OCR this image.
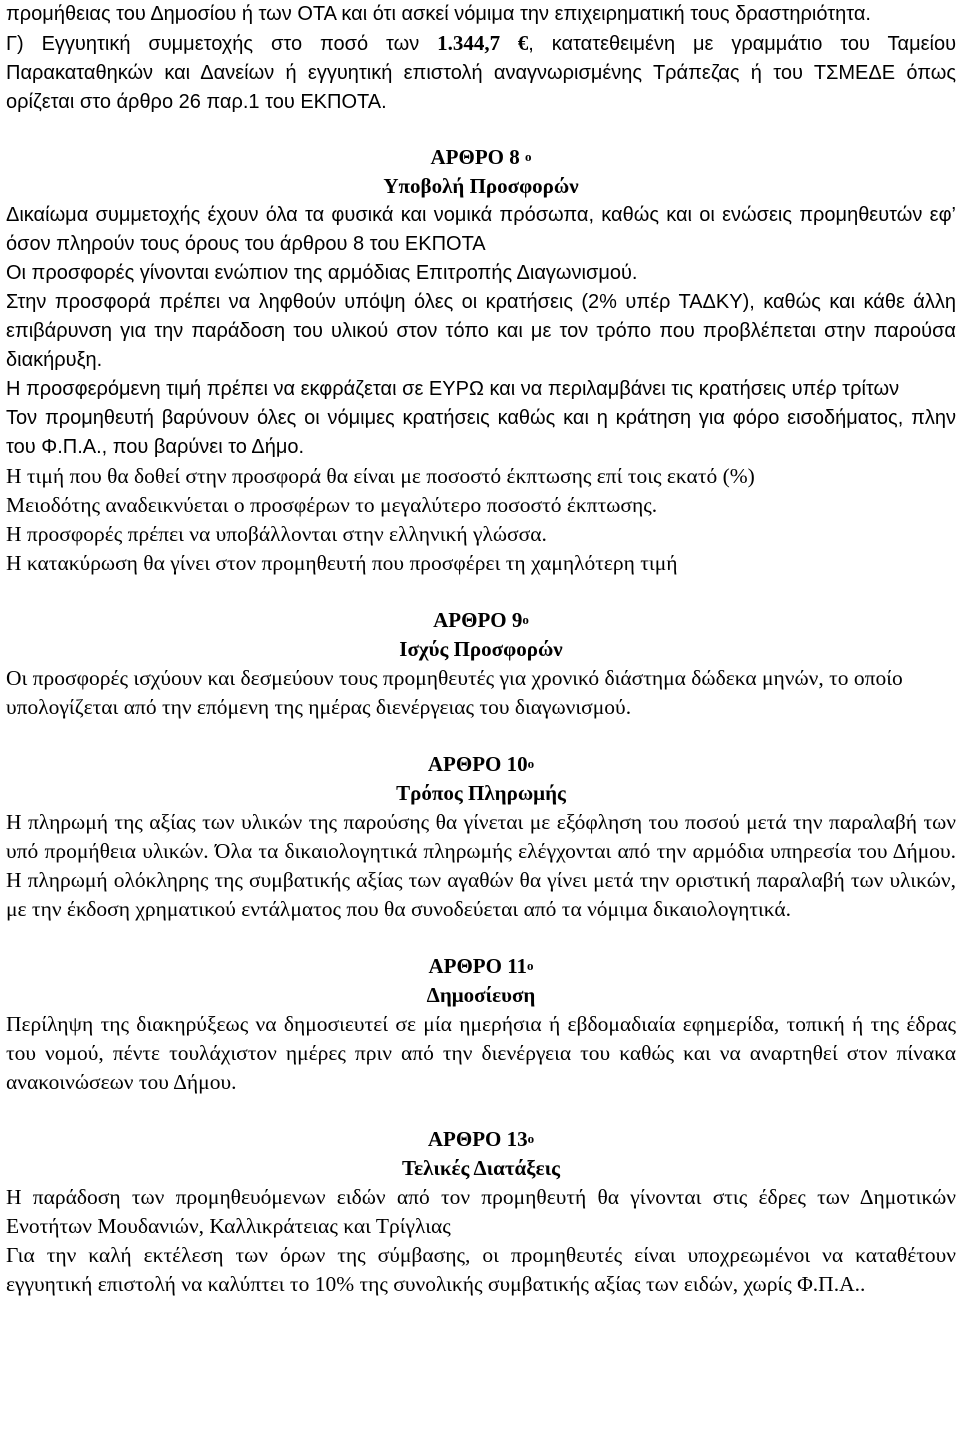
προμήθειας του Δημοσίου ή των ΟΤΑ και ότι ασκεί νόμιμα την επιχειρηματική τους δραστηριότητα.

Γ) Εγγυητική συμμετοχής στο ποσό των 1.344,7 €, κατατεθειμένη με γραμμάτιο του Ταμείου Παρακαταθηκών και Δανείων ή εγγυητική επιστολή αναγνωρισμένης Τράπεζας ή του ΤΣΜΕΔΕ όπως ορίζεται στο άρθρο 26 παρ.1 του ΕΚΠΟΤΑ.

ΑΡΘΡΟ 8 $^o$

Υποβολή Προσφορών

Δικαίωμα συμμετοχής έχουν όλα τα φυσικά και νομικά πρόσωπα, καθώς και οι ενώσεις προμηθευτών εφ’ όσον πληρούν τους όρους του άρθρου 8 του ΕΚΠΟΤΑ

Οι προσφορές γίνονται ενώπιον της αρμόδιας Επιτροπής Διαγωνισμού.

Στην προσφορά πρέπει να ληφθούν υπόψη όλες οι κρατήσεις (2% υπέρ ΤΑΔΚΥ), καθώς και κάθε άλλη επιβάρυνση για την παράδοση του υλικού στον τόπο και με τον τρόπο που προβλέπεται στην παρούσα διακήρυξη.

Η προσφερόμενη τιμή πρέπει να εκφράζεται σε ΕΥΡΩ και να περιλαμβάνει τις κρατήσεις υπέρ τρίτων

Τον προμηθευτή βαρύνουν όλες οι νόμιμες κρατήσεις καθώς και η κράτηση για φόρο εισοδήματος, πλην του Φ.Π.Α., που βαρύνει το Δήμο.

Η τιμή που θα δοθεί στην προσφορά θα είναι με ποσοστό έκπτωσης επί τοις εκατό (%)

Μειοδότης αναδεικνύεται ο προσφέρων το μεγαλύτερο ποσοστό έκπτωσης.

Η προσφορές πρέπει να υποβάλλονται στην ελληνική γλώσσα.

Η κατακύρωση θα γίνει στον προμηθευτή που προσφέρει τη χαμηλότερη τιμή

ΑΡΘΡΟ $9^o$

Ισχύς Προσφορών

Οι προσφορές ισχύουν και δεσμεύουν τους προμηθευτές για χρονικό διάστημα δώδεκα μηνών, το οποίο υπολογίζεται από την επόμενη της ημέρας διενέργειας του διαγωνισμού.

ΑΡΘΡΟ $10^o$

Τρόπος Πληρωμής

Η πληρωμή της αξίας των υλικών της παρούσης θα γίνεται με εξόφληση του ποσού μετά την παραλαβή των υπό προμήθεια υλικών. Όλα τα δικαιολογητικά πληρωμής ελέγχονται από την αρμόδια υπηρεσία του Δήμου. Η πληρωμή ολόκληρης της συμβατικής αξίας των αγαθών θα γίνει μετά την οριστική παραλαβή των υλικών, με την έκδοση χρηματικού εντάλματος που θα συνοδεύεται από τα νόμιμα δικαιολογητικά.

ΑΡΘΡΟ $11^o$

Δημοσίευση

Περίληψη της διακηρύξεως να δημοσιευτεί σε μία ημερήσια ή εβδομαδιαία εφημερίδα, τοπική ή της έδρας του νομού, πέντε τουλάχιστον ημέρες πριν από την διενέργεια του καθώς και να αναρτηθεί στον πίνακα ανακοινώσεων του Δήμου.

ΑΡΘΡΟ $13^o$

Τελικές Διατάξεις

Η παράδοση των προμηθευόμενων ειδών από τον προμηθευτή θα γίνονται στις έδρες των Δημοτικών Ενοτήτων Μουδανιών, Καλλικράτειας και Τρίγλιας

Για την καλή εκτέλεση των όρων της σύμβασης, οι προμηθευτές είναι υποχρεωμένοι να καταθέτουν εγγυητική επιστολή να καλύπτει το 10% της συνολικής συμβατικής αξίας των ειδών, χωρίς Φ.Π.Α..
